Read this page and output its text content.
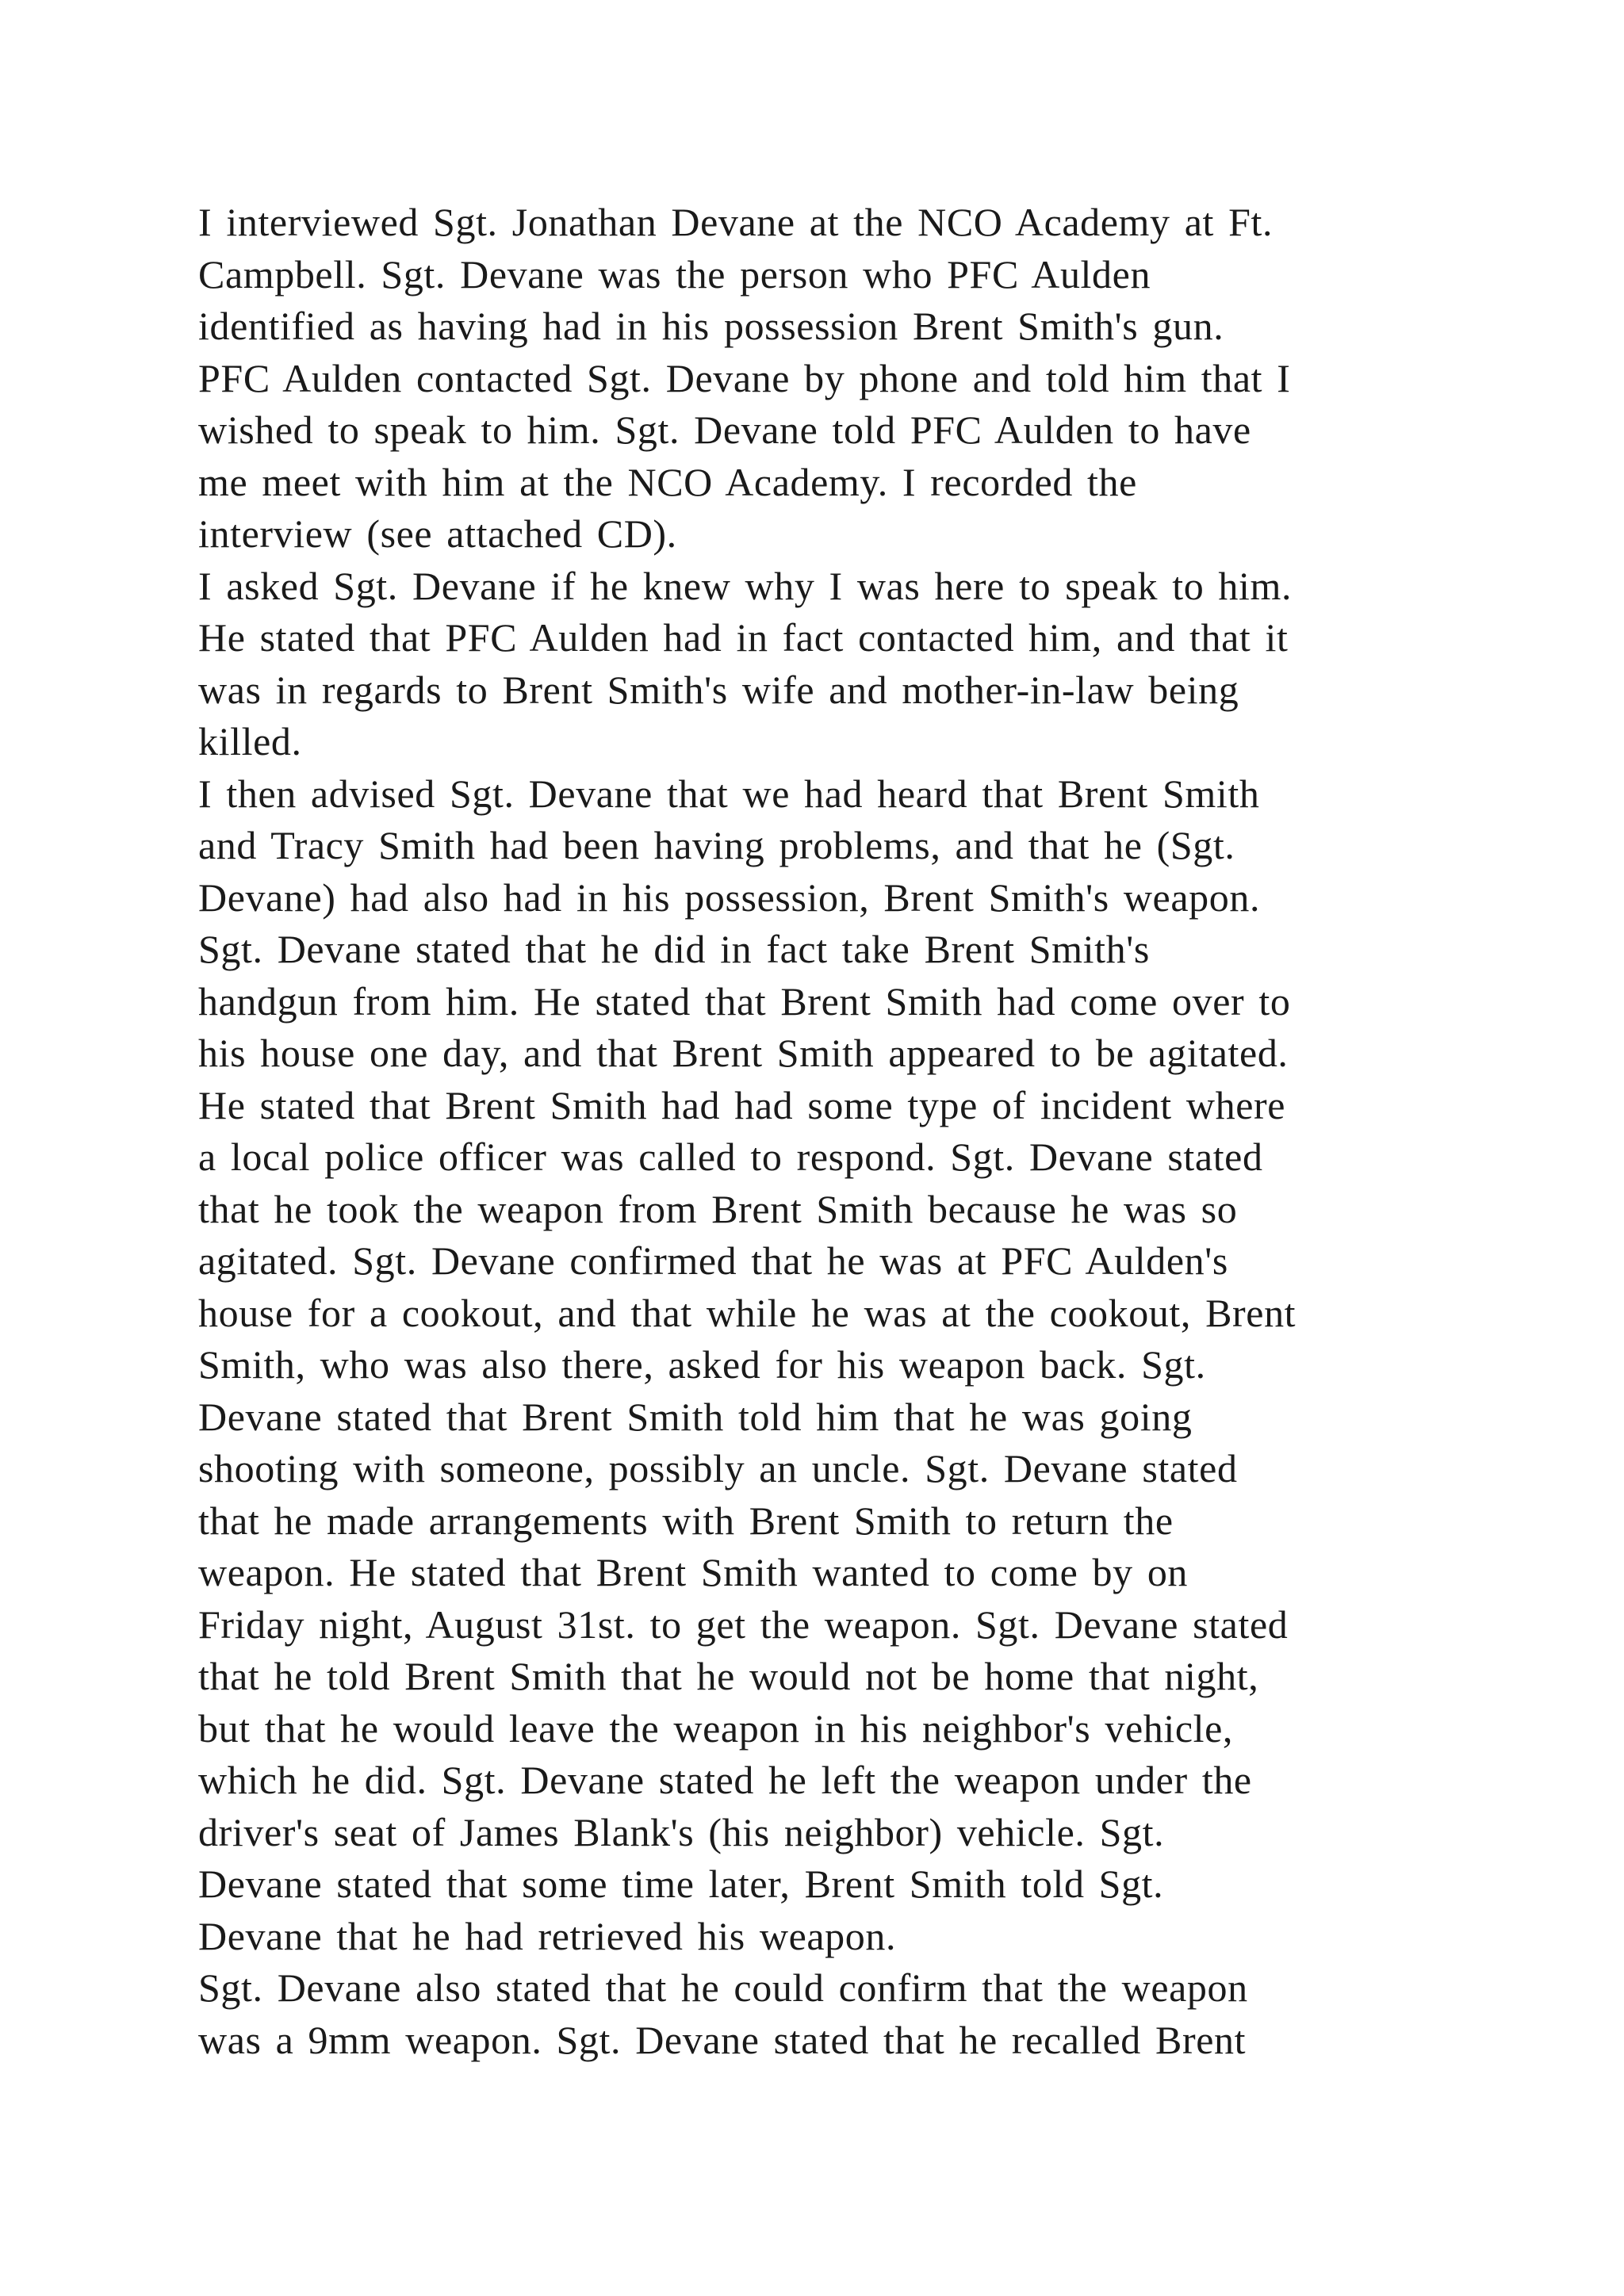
I interviewed Sgt. Jonathan Devane at the NCO Academy at Ft.
Campbell. Sgt. Devane was the person who PFC Aulden
identified as having had in his possession Brent Smith's gun.
PFC Aulden contacted Sgt. Devane by phone and told him that I
wished to speak to him. Sgt. Devane told PFC Aulden to have
me meet with him at the NCO Academy. I recorded the
interview (see attached CD).
I asked Sgt. Devane if he knew why I was here to speak to him.
He stated that PFC Aulden had in fact contacted him, and that it
was in regards to Brent Smith's wife and mother-in-law being
killed.
I then advised Sgt. Devane that we had heard that Brent Smith
and Tracy Smith had been having problems, and that he (Sgt.
Devane) had also had in his possession, Brent Smith's weapon.
Sgt. Devane stated that he did in fact take Brent Smith's
handgun from him. He stated that Brent Smith had come over to
his house one day, and that Brent Smith appeared to be agitated.
He stated that Brent Smith had had some type of incident where
a local police officer was called to respond. Sgt. Devane stated
that he took the weapon from Brent Smith because he was so
agitated. Sgt. Devane confirmed that he was at PFC Aulden's
house for a cookout, and that while he was at the cookout, Brent
Smith, who was also there, asked for his weapon back. Sgt.
Devane stated that Brent Smith told him that he was going
shooting with someone, possibly an uncle. Sgt. Devane stated
that he made arrangements with Brent Smith to return the
weapon. He stated that Brent Smith wanted to come by on
Friday night, August 31st. to get the weapon. Sgt. Devane stated
that he told Brent Smith that he would not be home that night,
but that he would leave the weapon in his neighbor's vehicle,
which he did. Sgt. Devane stated he left the weapon under the
driver's seat of James Blank's (his neighbor) vehicle. Sgt.
Devane stated that some time later, Brent Smith told Sgt.
Devane that he had retrieved his weapon.
Sgt. Devane also stated that he could confirm that the weapon
was a 9mm weapon. Sgt. Devane stated that he recalled Brent
